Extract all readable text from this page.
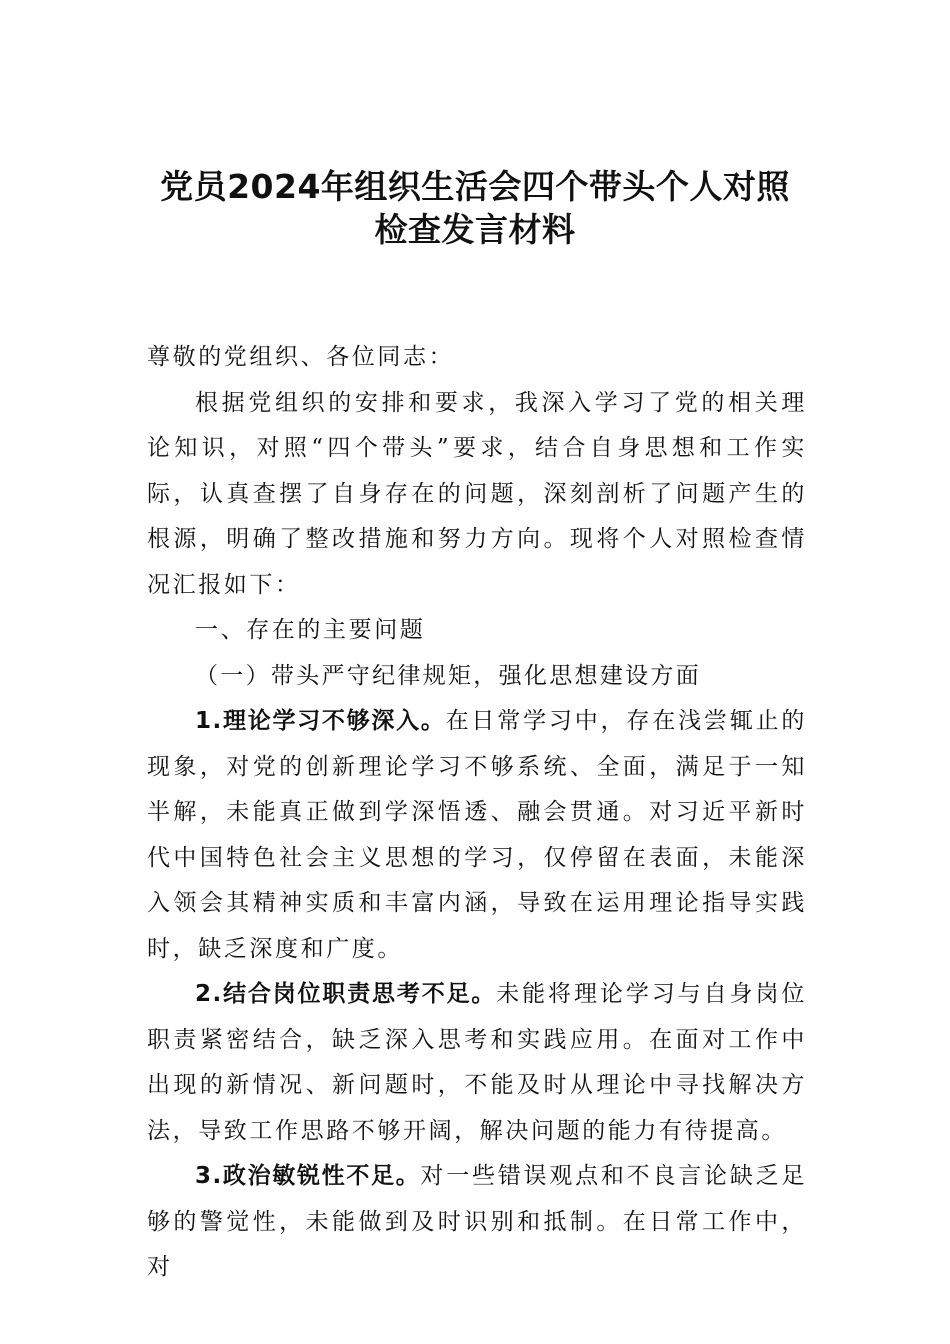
党员2024年组织生活会四个带头个人对照
检查发言材料

尊敬的党组织、各位同志：

根据党组织的安排和要求，我深入学习了党的相关理论知识，对照“四个带头”要求，结合自身思想和工作实际，认真查摆了自身存在的问题，深刻剖析了问题产生的根源，明确了整改措施和努力方向。现将个人对照检查情况汇报如下：

一、存在的主要问题

（一）带头严守纪律规矩，强化思想建设方面

1.理论学习不够深入。在日常学习中，存在浅尝辄止的现象，对党的创新理论学习不够系统、全面，满足于一知半解，未能真正做到学深悟透、融会贯通。对习近平新时代中国特色社会主义思想的学习，仅停留在表面，未能深入领会其精神实质和丰富内涵，导致在运用理论指导实践时，缺乏深度和广度。

2.结合岗位职责思考不足。未能将理论学习与自身岗位职责紧密结合，缺乏深入思考和实践应用。在面对工作中出现的新情况、新问题时，不能及时从理论中寻找解决方法，导致工作思路不够开阔，解决问题的能力有待提高。

3.政治敏锐性不足。对一些错误观点和不良言论缺乏足够的警觉性，未能做到及时识别和抵制。在日常工作中，对
